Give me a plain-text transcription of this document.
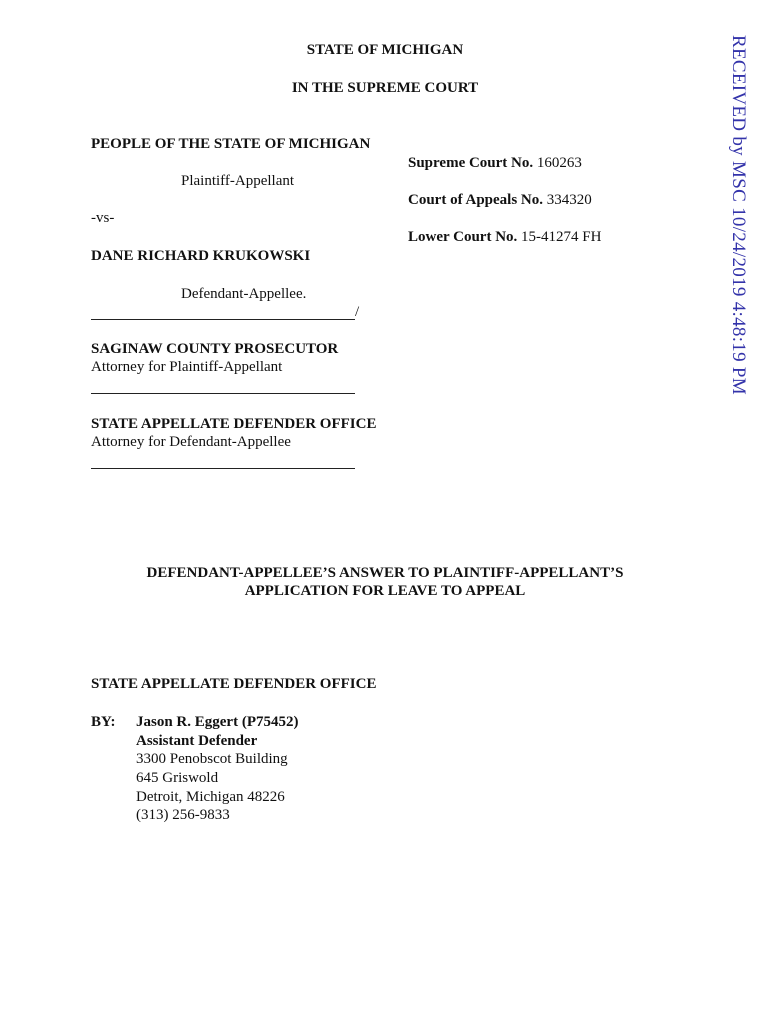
STATE OF MICHIGAN
IN THE SUPREME COURT
PEOPLE OF THE STATE OF MICHIGAN
Plaintiff-Appellant
-vs-
DANE RICHARD KRUKOWSKI
Defendant-Appellee.
/
Supreme Court No. 160263
Court of Appeals No. 334320
Lower Court No. 15-41274 FH
SAGINAW COUNTY PROSECUTOR
Attorney for Plaintiff-Appellant
STATE APPELLATE DEFENDER OFFICE
Attorney for Defendant-Appellee
DEFENDANT-APPELLEE’S ANSWER TO PLAINTIFF-APPELLANT’S
APPLICATION FOR LEAVE TO APPEAL
STATE APPELLATE DEFENDER OFFICE
BY: Jason R. Eggert (P75452)
Assistant Defender
3300 Penobscot Building
645 Griswold
Detroit, Michigan 48226
(313) 256-9833
RECEIVED by MSC 10/24/2019 4:48:19 PM
